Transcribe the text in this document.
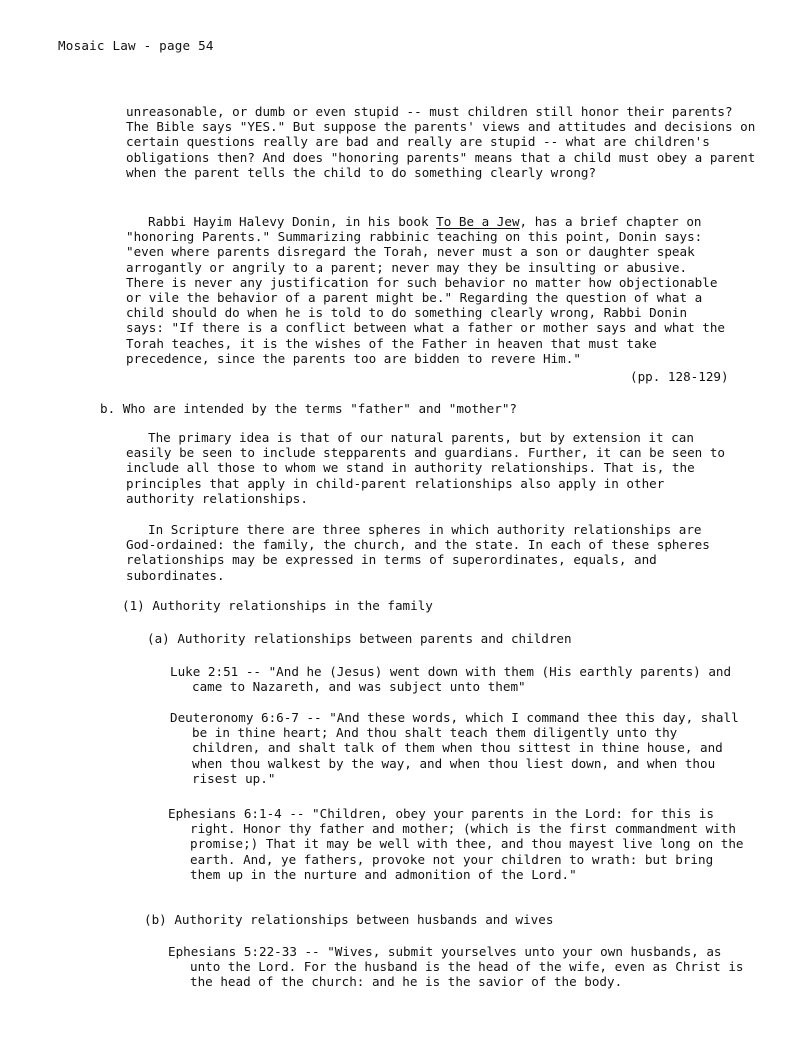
Mosaic Law - page 54

unreasonable, or dumb or even stupid -- must children still honor their parents? The Bible says "YES." But suppose the parents' views and attitudes and decisions on certain questions really are bad and really are stupid -- what are children's obligations then? And does "honoring parents" means that a child must obey a parent when the parent tells the child to do something clearly wrong?

Rabbi Hayim Halevy Donin, in his book To Be a Jew, has a brief chapter on "honoring Parents." Summarizing rabbinic teaching on this point, Donin says: "even where parents disregard the Torah, never must a son or daughter speak arrogantly or angrily to a parent; never may they be insulting or abusive. There is never any justification for such behavior no matter how objectionable or vile the behavior of a parent might be." Regarding the question of what a child should do when he is told to do something clearly wrong, Rabbi Donin says: "If there is a conflict between what a father or mother says and what the Torah teaches, it is the wishes of the Father in heaven that must take precedence, since the parents too are bidden to revere Him."

(pp. 128-129)
b. Who are intended by the terms "father" and "mother"?

The primary idea is that of our natural parents, but by extension it can easily be seen to include stepparents and guardians. Further, it can be seen to include all those to whom we stand in authority relationships. That is, the principles that apply in child-parent relationships also apply in other authority relationships.

In Scripture there are three spheres in which authority relationships are God-ordained: the family, the church, and the state. In each of these spheres relationships may be expressed in terms of superordinates, equals, and subordinates.

(1) Authority relationships in the family
(a) Authority relationships between parents and children

Luke 2:51 -- "And he (Jesus) went down with them (His earthly parents) and came to Nazareth, and was subject unto them"

Deuteronomy 6:6-7 -- "And these words, which I command thee this day, shall be in thine heart; And thou shalt teach them diligently unto thy children, and shalt talk of them when thou sittest in thine house, and when thou walkest by the way, and when thou liest down, and when thou risest up."

Ephesians 6:1-4 -- "Children, obey your parents in the Lord: for this is right. Honor thy father and mother; (which is the first commandment with promise;) That it may be well with thee, and thou mayest live long on the earth. And, ye fathers, provoke not your children to wrath: but bring them up in the nurture and admonition of the Lord."

(b) Authority relationships between husbands and wives

Ephesians 5:22-33 -- "Wives, submit yourselves unto your own husbands, as unto the Lord. For the husband is the head of the wife, even as Christ is the head of the church: and he is the savior of the body.
